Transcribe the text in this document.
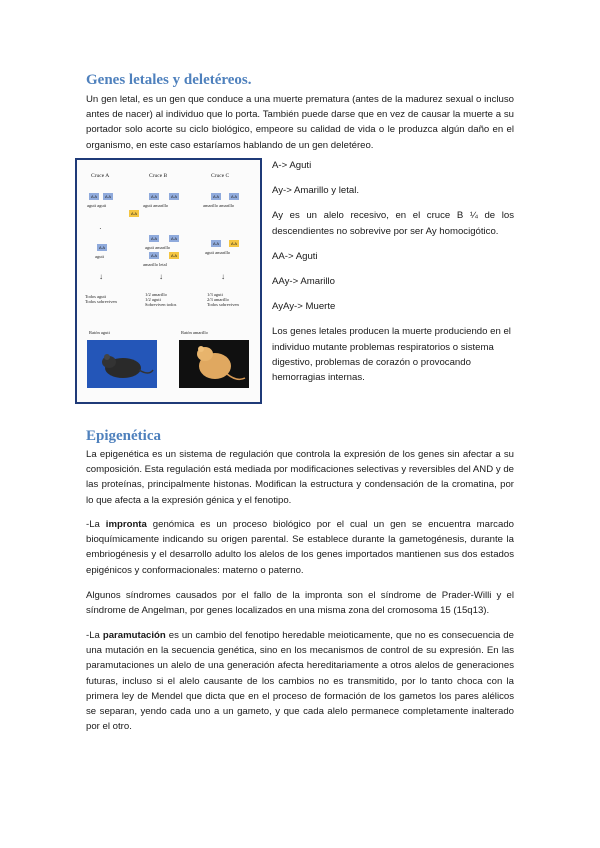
Genes letales y deletéreos.

Un gen letal, es un gen que conduce a una muerte prematura (antes de la madurez sexual o incluso antes de nacer) al individuo que lo porta. También puede darse que en vez de causar la muerte a su portador solo acorte su ciclo biológico, empeore su calidad de vida o le produzca algún daño en el organismo, en este caso estaríamos hablando de un gen deletéreo.

Cruce A	Cruce B	Cruce C
A A	A A
aguti aguti
A A	A A
aguti amarillo
A A
A A	A A
amarillo amarillo
·
A A
aguti
A A	A A
aguti amarillo
A A	A A
amarillo letal
A A	A A
aguti amarillo
↓	↓	↓
Todos aguti
Todos sobreviven
1/2 amarillo
1/2 aguti
Sobreviven todos
1/3 aguti
2/3 amarillo
Todos sobreviven
Ratón aguti	Ratón amarillo

A-> Aguti

Ay-> Amarillo y letal.

Ay es un alelo recesivo, en el cruce B ¼ de los descendientes no sobrevive por ser Ay homocigótico.

AA-> Aguti

AAy-> Amarillo

AyAy-> Muerte

Los genes letales producen la muerte produciendo en el individuo mutante problemas respiratorios o sistema digestivo, problemas de corazón o provocando hemorragias internas.

Epigenética

La epigenética es un sistema de regulación que controla la expresión de los genes sin afectar a su composición. Esta regulación está mediada por modificaciones selectivas y reversibles del AND y de las proteínas, principalmente histonas. Modifican la estructura y condensación de la cromatina, por lo que afecta a la expresión génica y el fenotipo.

-La impronta genómica es un proceso biológico por el cual un gen se encuentra marcado bioquímicamente indicando su origen parental. Se establece durante la gametogénesis, durante la embriogénesis y el desarrollo adulto los alelos de los genes importados mantienen sus dos estados epigénicos y conformacionales: materno o paterno.

Algunos síndromes causados por el fallo de la impronta son el síndrome de Prader-Willi y el síndrome de Angelman, por genes localizados en una misma zona del cromosoma 15 (15q13).

-La paramutación es un cambio del fenotipo heredable meioticamente, que no es consecuencia de una mutación en la secuencia genética, sino en los mecanismos de control de su expresión. En las paramutaciones un alelo de una generación afecta hereditariamente a otros alelos de generaciones futuras, incluso si el alelo causante de los cambios no es transmitido, por lo tanto choca con la primera ley de Mendel que dicta que en el proceso de formación de los gametos los pares alélicos se separan, yendo cada uno a un gameto, y que cada alelo permanece completamente inalterado por el otro.
